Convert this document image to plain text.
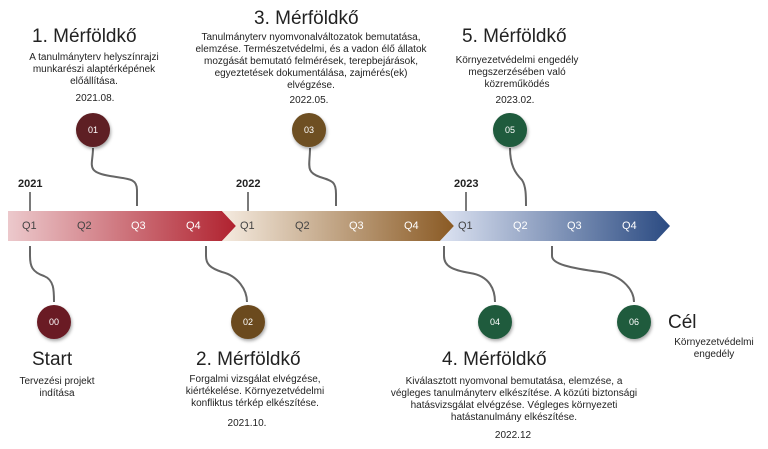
2021	2022	2023
Q1	Q2	Q3	Q4	Q1	Q2	Q3	Q4	Q1	Q2	Q3	Q4
1. Mérföldkő
A tanulmányterv helyszínrajzi munkarészi alaptérképének előállítása.
2021.08.
01
3. Mérföldkő
Tanulmányterv nyomvonalváltozatok bemutatása, elemzése. Természetvédelmi, és a vadon élő állatok mozgását bemutató felmérések, terepbejárások, egyeztetések dokumentálása, zajmérés(ek) elvégzése.
2022.05.
03
5. Mérföldkő
Környezetvédelmi engedély megszerzésében való közreműködés
2023.02.
05
00
Start
Tervezési projekt indítása
02
2. Mérföldkő
Forgalmi vizsgálat elvégzése, kiértékelése. Környezetvédelmi konfliktus térkép elkészítése.
2021.10.
04
4. Mérföldkő
Kiválasztott nyomvonal bemutatása, elemzése, a végleges tanulmányterv elkészítése. A közúti biztonsági hatásvizsgálat elvégzése. Végleges környezeti hatástanulmány elkészítése.
2022.12
06	Cél
Környezetvédelmi engedély
